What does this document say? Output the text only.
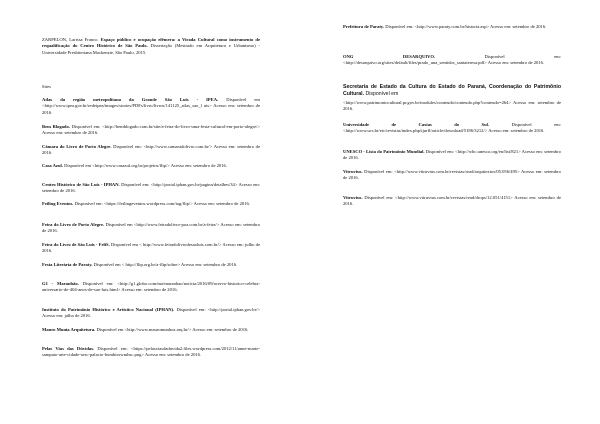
ZARPELON, Larissa Franco. Espaço público e ocupação efêmera: a Virada Cultural como instrumento de requalificação do Centro Histórico de São Paulo. Dissertação (Mestrado em Arquitetura e Urbanismo) - Universidade Presbiteriana Mackenzie, São Paulo, 2015.
Sites
Atlas da região metropolitana da Grande São Luís - IPEA. Disponível em <http://www.ipea.gov.br/redeipea/images/stories/PDFs/livro/livros/141125_atlas_sao_l uis> Acesso em: setembro de 2016.
Bem Blogado. Disponível em: <http://bemblogado.com.br/site/a-feira-do-livro-uma-festa-cultural-em-porto-alegre/> Acesso em: setembro de 2016.
Câmara do Livro de Porto Alegre. Disponível em: <http://www.camaradolivro.com.br/> Acesso em: setembro de 2016.
Casa Azul. Disponível em <http://www.casazul.org.br/projetos/flip/> Acesso em: setembro de 2016.
Centro Histórico de São Luís - IPHAN. Disponível em: <http://portal.iphan.gov.br/pagina/detalhes/34> Acesso em: setembro de 2016.
Feiling Eventos. Disponível em: <https://feilingeventos.wordpress.com/tag/flip/> Acesso em: setembro de 2016.
Feira do Livro de Porto Alegre. Disponível em <http://www.feiradolivro-poa.com.br/a-feira/> Acesso em: setembro de 2016.
Feira do Livro de São Luís - FeliS. Disponível em < http://www.feiradolivrodesaoluis.com.br/> Acesso em: julho de 2016.
Festa Literária de Paraty. Disponível em < http://flip.org.br/a-flip/sobre> Acesso em: setembro de 2016.
G1 - Maranhão. Disponível em: <http://g1.globo.com/ma/maranhao/noticia/2016/09/acervo-historico-celebra-aniversario-de-404-anos-de-sao-luis.html> Acesso em: setembro de 2016.
Instituto do Patrimônio Histórico e Artístico Nacional (IPHAN). Disponível em: <http://portal.iphan.gov.br/> Acesso em: julho de 2016.
Mauro Munia Arquitetura. Disponível em <http://www.mauromunhoz.arq.br/> Acesso em: setembro de 2016.
Pelas Vias das Dúvidas. Disponível em: <https://pelasviasdaduvida2.files.wordpress.com/2012/11/anne-marie-sampaio-arte-cidade-sesc-palacio-hxmbirxwmhsc.png> Acesso em: setembro de 2016.
Prefeitura de Paraty. Disponível em: <http://www.paraty.com.br/historia.asp> Acesso em: setembro de 2016.
ONG DESARQUIVO.	Disponível em: <http://desarquivo.org/sites/default/files/prado_una_sentidos_santateresa.pdf> Acesso em: setembro de 2016.
Secretaria de Estado da Cultura do Estado do Paraná, Coordenação do Patrimônio Cultural. Disponível em
<http://www.patrimoniocultural.pr.gov.br/modules/conteudo/conteudo.php?conteudo=264> Acesso em: setembro de 2016.
Universidade de Caxias do Sul.	Disponível em: <http://www.ucs.br/etc/revistas/index.php/ijurfl/article/download/5186/3212/> Acesso em: setembro de 2016.
UNESCO - Lista do Patrimônio Mundial. Disponível em: <http://whc.unesco.org/en/list/821> Acesso em: setembro de 2016.
Vitruvius. Disponível em: <http://www.vitruvius.com.br/revistas/read/arquitextos/05.056/495> Acesso em: setembro de 2016.
Vitruvius. Disponível em: <http://www.vitruvius.com.br/revistas/read/drops/12.051/4151> Acesso em: setembro de 2016.
